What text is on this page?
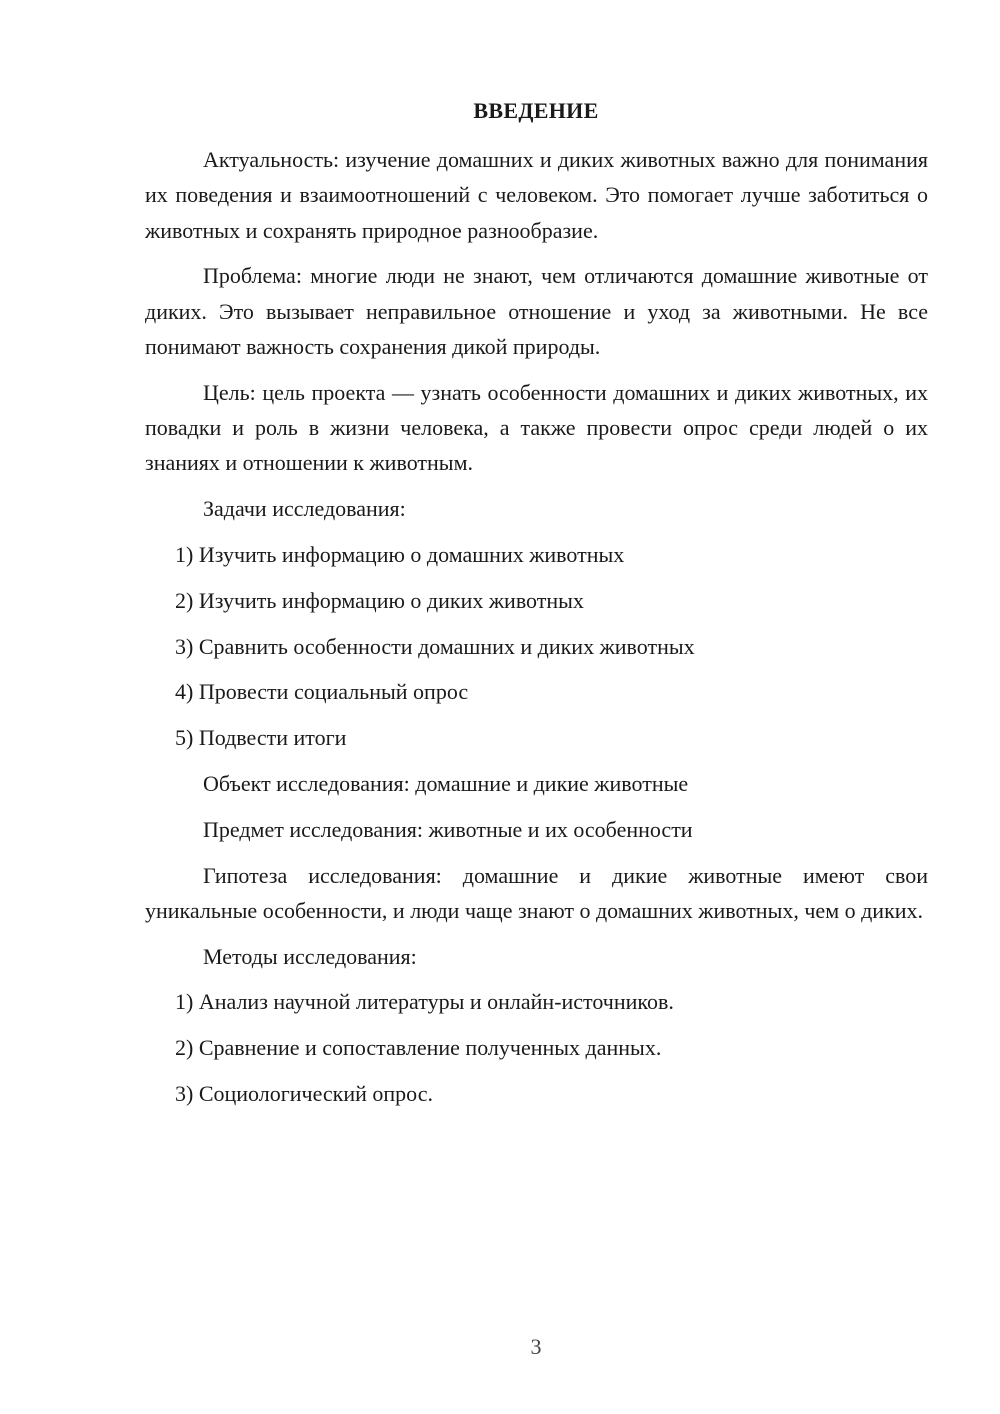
ВВЕДЕНИЕ

Актуальность: изучение домашних и диких животных важно для понимания их поведения и взаимоотношений с человеком. Это помогает лучше заботиться о животных и сохранять природное разнообразие.

Проблема: многие люди не знают, чем отличаются домашние животные от диких. Это вызывает неправильное отношение и уход за животными. Не все понимают важность сохранения дикой природы.

Цель: цель проекта — узнать особенности домашних и диких животных, их повадки и роль в жизни человека, а также провести опрос среди людей о их знаниях и отношении к животным.

Задачи исследования:
1) Изучить информацию о домашних животных
2) Изучить информацию о диких животных
3) Сравнить особенности домашних и диких животных
4) Провести социальный опрос
5) Подвести итоги
Объект исследования: домашние и дикие животные
Предмет исследования: животные и их особенности

Гипотеза исследования: домашние и дикие животные имеют свои уникальные особенности, и люди чаще знают о домашних животных, чем о диких.

Методы исследования:
1) Анализ научной литературы и онлайн-источников.
2) Сравнение и сопоставление полученных данных.
3) Социологический опрос.
3
